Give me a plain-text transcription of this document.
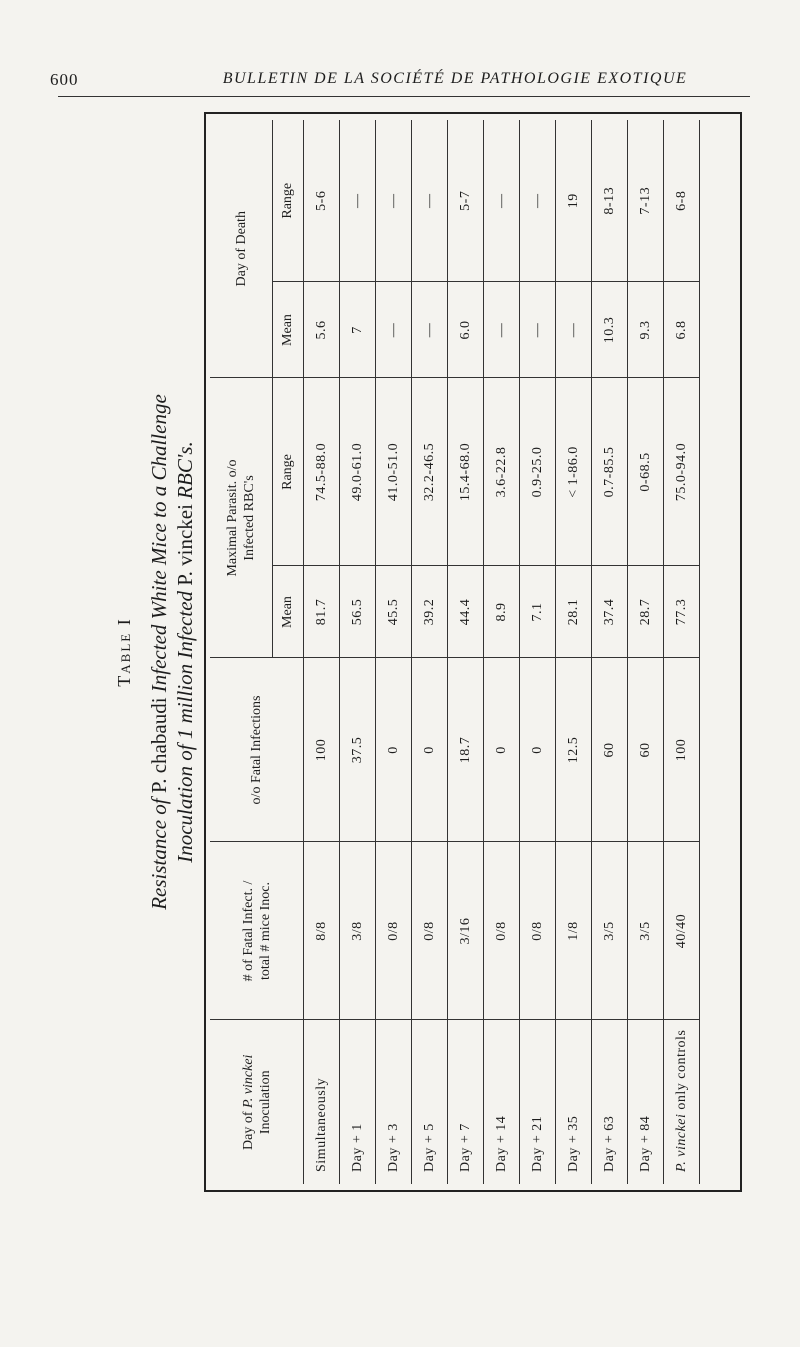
600	BULLETIN DE LA SOCIÉTÉ DE PATHOLOGIE EXOTIQUE
Table I
Resistance of P. chabaudi Infected White Mice to a Challenge
Inoculation of 1 million Infected P. vinckei RBC's.
Day of P. vinckei Inoculation	# of Fatal Infect. / total # mice Inoc.	o/o Fatal Infections	Maximal Parasit. o/o Infected RBC's		Day of Death	
			Mean	Range	Mean	Range
Simultaneously	8/8	100	81.7	74.5-88.0	5.6	5-6
Day + 1	3/8	37.5	56.5	49.0-61.0	7	—
Day + 3	0/8	0	45.5	41.0-51.0	—	—
Day + 5	0/8	0	39.2	32.2-46.5	—	—
Day + 7	3/16	18.7	44.4	15.4-68.0	6.0	5-7
Day + 14	0/8	0	8.9	3.6-22.8	—	—
Day + 21	0/8	0	7.1	0.9-25.0	—	—
Day + 35	1/8	12.5	28.1	< 1-86.0	—	19
Day + 63	3/5	60	37.4	0.7-85.5	10.3	8-13
Day + 84	3/5	60	28.7	0-68.5	9.3	7-13
P. vinckei only controls	40/40	100	77.3	75.0-94.0	6.8	6-8
